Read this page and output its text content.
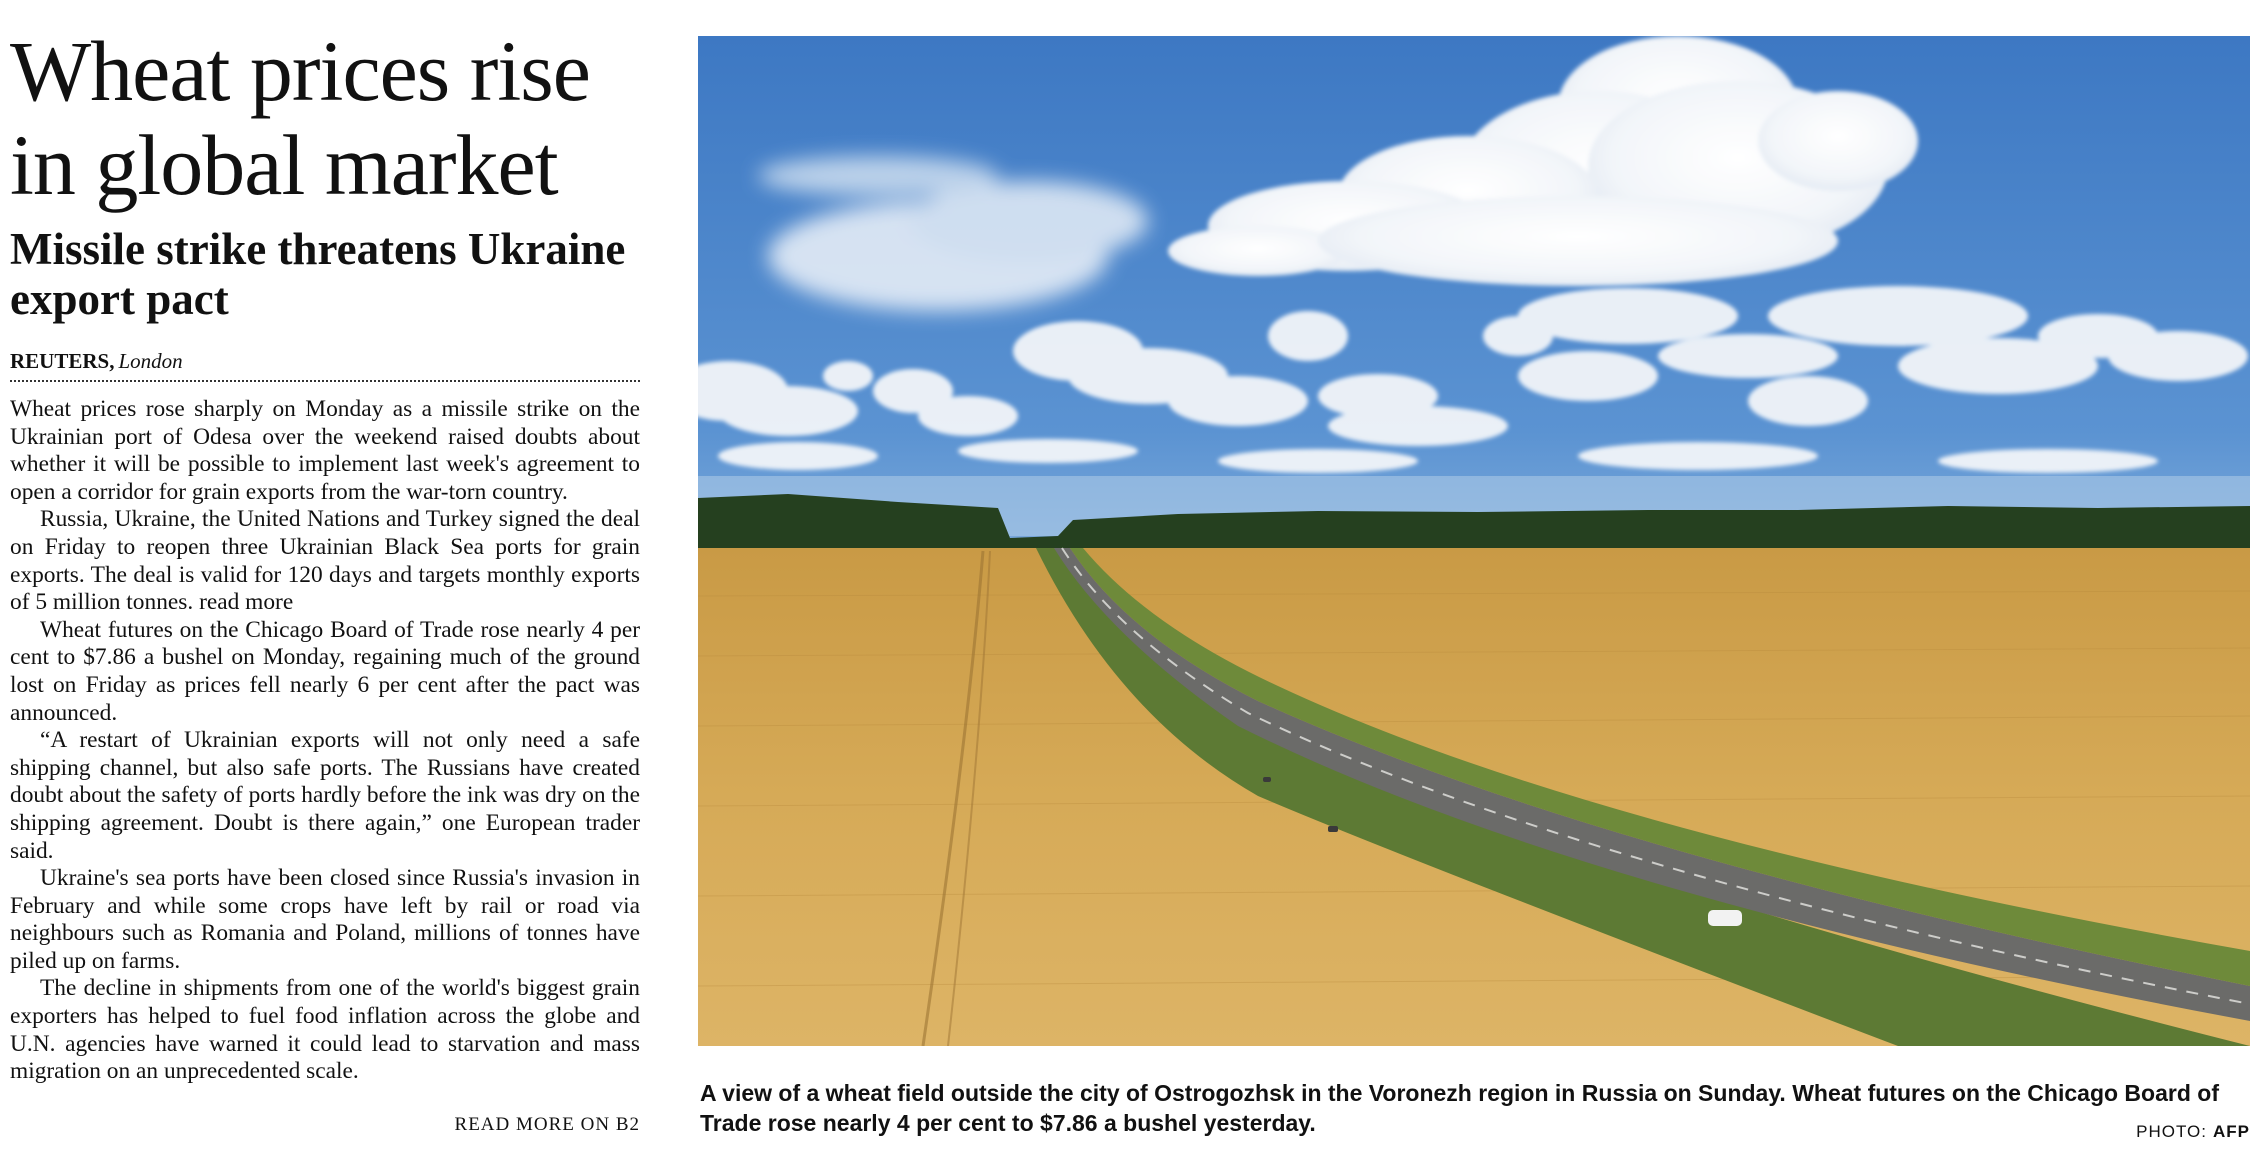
Wheat prices rise in global market
Missile strike threatens Ukraine export pact
REUTERS, London

Wheat prices rose sharply on Monday as a missile strike on the Ukrainian port of Odesa over the weekend raised doubts about whether it will be possible to implement last week's agreement to open a corridor for grain exports from the war-torn country.

Russia, Ukraine, the United Nations and Turkey signed the deal on Friday to reopen three Ukrainian Black Sea ports for grain exports. The deal is valid for 120 days and targets monthly exports of 5 million tonnes. read more

Wheat futures on the Chicago Board of Trade rose nearly 4 per cent to $7.86 a bushel on Monday, regaining much of the ground lost on Friday as prices fell nearly 6 per cent after the pact was announced.

“A restart of Ukrainian exports will not only need a safe shipping channel, but also safe ports. The Russians have created doubt about the safety of ports hardly before the ink was dry on the shipping agreement. Doubt is there again,” one European trader said.

Ukraine's sea ports have been closed since Russia's invasion in February and while some crops have left by rail or road via neighbours such as Romania and Poland, millions of tonnes have piled up on farms.

The decline in shipments from one of the world's biggest grain exporters has helped to fuel food inflation across the globe and U.N. agencies have warned it could lead to starvation and mass migration on an unprecedented scale.

READ MORE ON B2
A view of a wheat field outside the city of Ostrogozhsk in the Voronezh region in Russia on Sunday. Wheat futures on the Chicago Board of Trade rose nearly 4 per cent to $7.86 a bushel yesterday.	PHOTO: AFP
